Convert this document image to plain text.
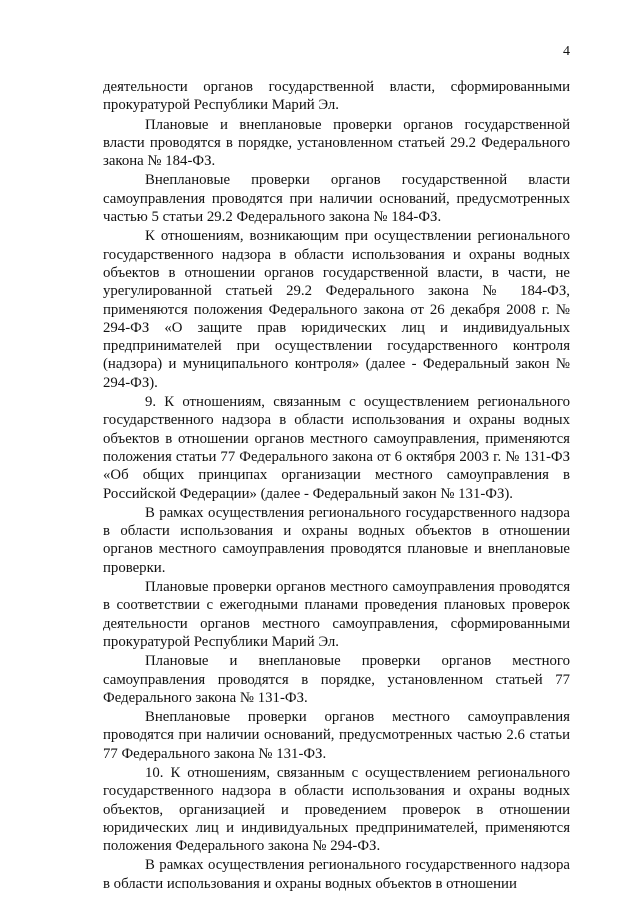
4

деятельности органов государственной власти, сформированными прокуратурой Республики Марий Эл.

Плановые и внеплановые проверки органов государственной власти проводятся в порядке, установленном статьей 29.2 Федерального закона № 184-ФЗ.

Внеплановые проверки органов государственной власти самоуправления проводятся при наличии оснований, предусмотренных частью 5 статьи 29.2 Федерального закона № 184-ФЗ.

К отношениям, возникающим при осуществлении регионального государственного надзора в области использования и охраны водных объектов в отношении органов государственной власти, в части, не урегулированной статьей 29.2 Федерального закона № 184-ФЗ, применяются положения Федерального закона от 26 декабря 2008 г. № 294-ФЗ «О защите прав юридических лиц и индивидуальных предпринимателей при осуществлении государственного контроля (надзора) и муниципального контроля» (далее - Федеральный закон № 294-ФЗ).

9. К отношениям, связанным с осуществлением регионального государственного надзора в области использования и охраны водных объектов в отношении органов местного самоуправления, применяются положения статьи 77 Федерального закона от 6 октября 2003 г. № 131-ФЗ «Об общих принципах организации местного самоуправления в Российской Федерации» (далее - Федеральный закон № 131-ФЗ).

В рамках осуществления регионального государственного надзора в области использования и охраны водных объектов в отношении органов местного самоуправления проводятся плановые и внеплановые проверки.

Плановые проверки органов местного самоуправления проводятся в соответствии с ежегодными планами проведения плановых проверок деятельности органов местного самоуправления, сформированными прокуратурой Республики Марий Эл.

Плановые и внеплановые проверки органов местного самоуправления проводятся в порядке, установленном статьей 77 Федерального закона № 131-ФЗ.

Внеплановые проверки органов местного самоуправления проводятся при наличии оснований, предусмотренных частью 2.6 статьи 77 Федерального закона № 131-ФЗ.

10. К отношениям, связанным с осуществлением регионального государственного надзора в области использования и охраны водных объектов, организацией и проведением проверок в отношении юридических лиц и индивидуальных предпринимателей, применяются положения Федерального закона № 294-ФЗ.

В рамках осуществления регионального государственного надзора в области использования и охраны водных объектов в отношении
